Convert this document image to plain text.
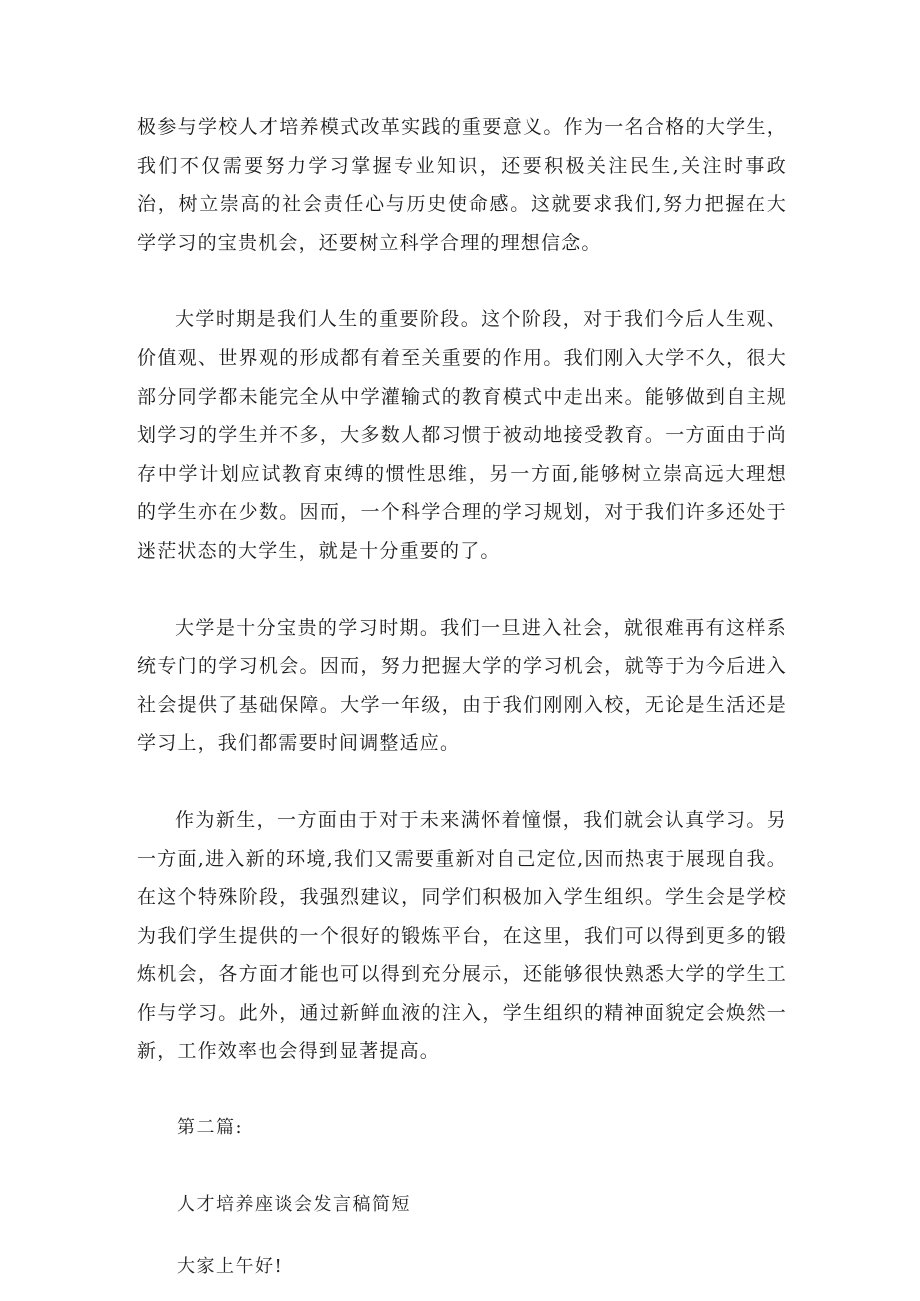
极参与学校人才培养模式改革实践的重要意义。作为一名合格的大学生，我们不仅需要努力学习掌握专业知识，还要积极关注民生,关注时事政治，树立崇高的社会责任心与历史使命感。这就要求我们,努力把握在大学学习的宝贵机会，还要树立科学合理的理想信念。

大学时期是我们人生的重要阶段。这个阶段，对于我们今后人生观、价值观、世界观的形成都有着至关重要的作用。我们刚入大学不久，很大部分同学都未能完全从中学灌输式的教育模式中走出来。能够做到自主规划学习的学生并不多，大多数人都习惯于被动地接受教育。一方面由于尚存中学计划应试教育束缚的惯性思维，另一方面,能够树立崇高远大理想的学生亦在少数。因而，一个科学合理的学习规划，对于我们许多还处于迷茫状态的大学生，就是十分重要的了。

大学是十分宝贵的学习时期。我们一旦进入社会，就很难再有这样系统专门的学习机会。因而，努力把握大学的学习机会，就等于为今后进入社会提供了基础保障。大学一年级，由于我们刚刚入校，无论是生活还是学习上，我们都需要时间调整适应。

作为新生，一方面由于对于未来满怀着憧憬，我们就会认真学习。另一方面,进入新的环境,我们又需要重新对自己定位,因而热衷于展现自我。在这个特殊阶段，我强烈建议，同学们积极加入学生组织。学生会是学校为我们学生提供的一个很好的锻炼平台，在这里，我们可以得到更多的锻炼机会，各方面才能也可以得到充分展示，还能够很快熟悉大学的学生工作与学习。此外，通过新鲜血液的注入，学生组织的精神面貌定会焕然一新，工作效率也会得到显著提高。

第二篇:

人才培养座谈会发言稿简短

大家上午好!
